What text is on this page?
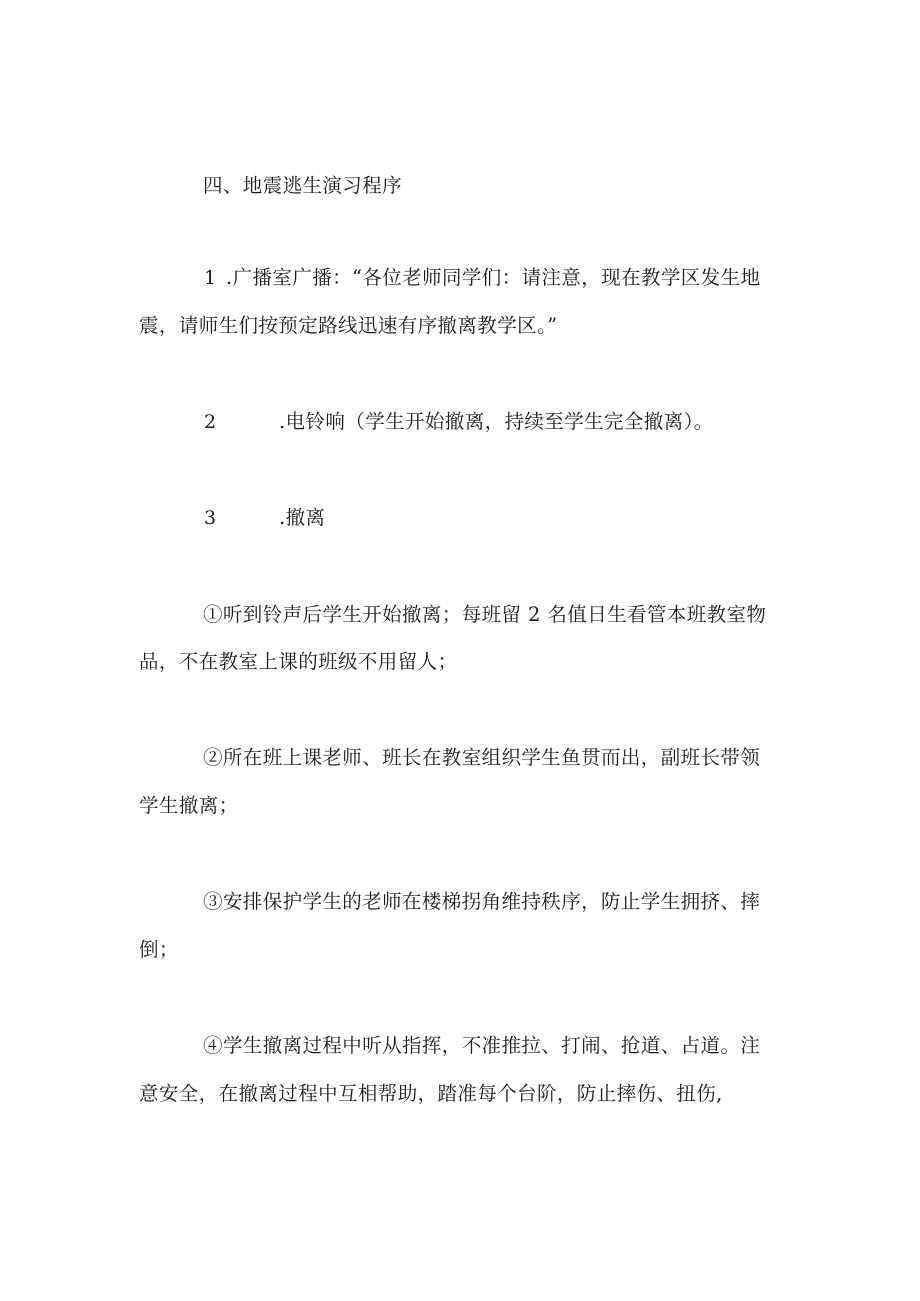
四、地震逃生演习程序
1 .广播室广播：“各位老师同学们：请注意，现在教学区发生地
震，请师生们按预定路线迅速有序撤离教学区。”
2	.电铃响（学生开始撤离，持续至学生完全撤离）。
3	.撤离
①听到铃声后学生开始撤离；每班留 2 名值日生看管本班教室物
品，不在教室上课的班级不用留人；
②所在班上课老师、班长在教室组织学生鱼贯而出，副班长带领
学生撤离；
③安排保护学生的老师在楼梯拐角维持秩序，防止学生拥挤、摔
倒；
④学生撤离过程中听从指挥，不准推拉、打闹、抢道、占道。注
意安全，在撤离过程中互相帮助，踏准每个台阶，防止摔伤、扭伤,
